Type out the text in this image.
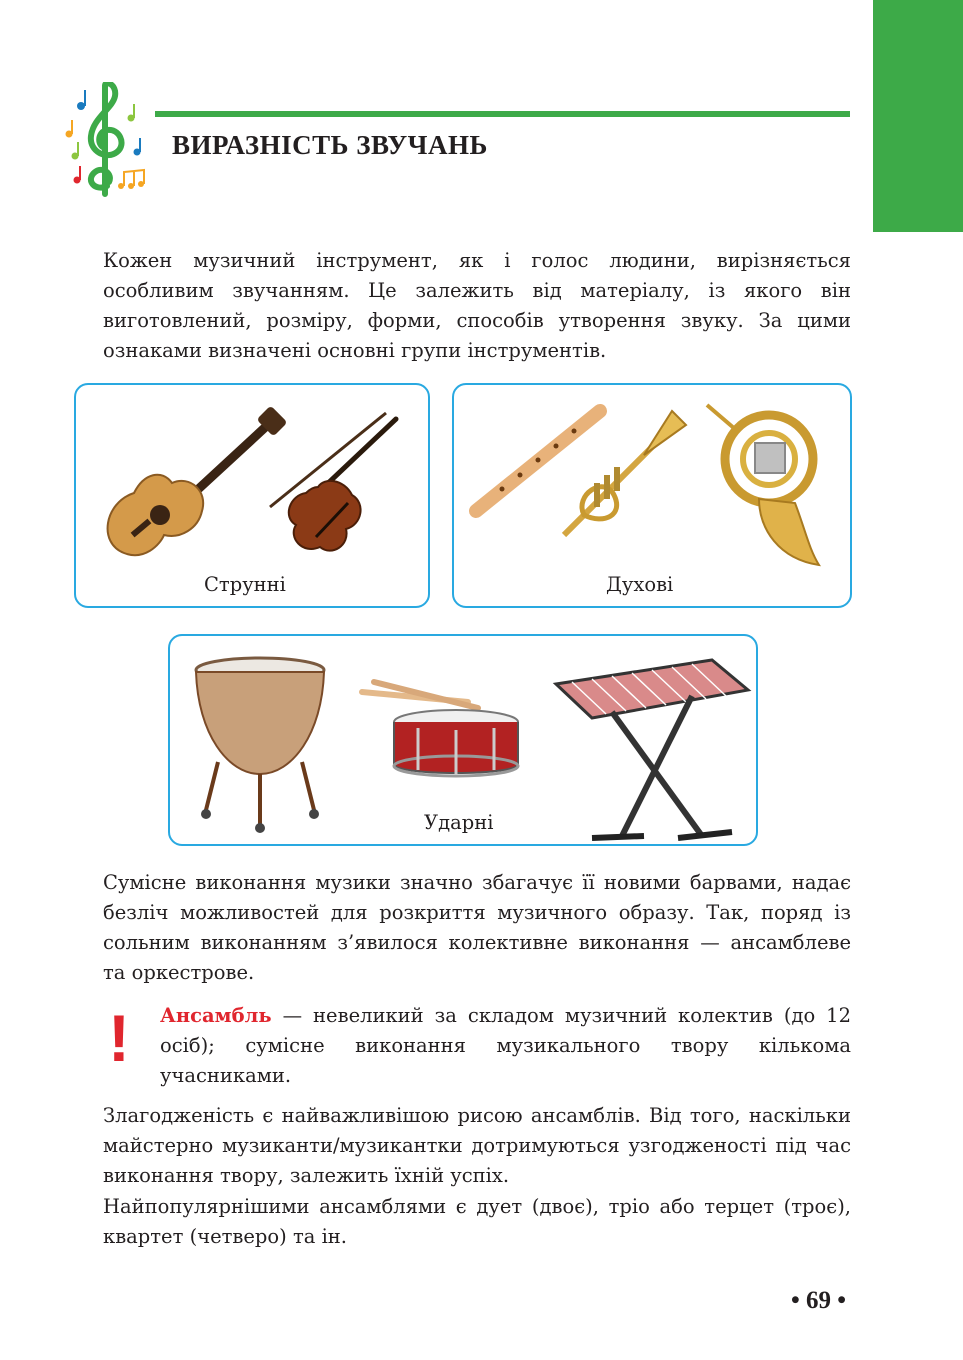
ВИРАЗНІСТЬ ЗВУЧАНЬ

Кожен музичний інструмент, як і голос людини, вирізняється особливим звучанням. Це залежить від матеріалу, із якого він виготовлений, розміру, форми, способів утворення звуку. За цими ознаками визначені основні групи інструментів.

Струнні	Духові
Ударні

Сумісне виконання музики значно збагачує її новими барвами, надає безліч можливостей для розкриття музичного образу. Так, поряд із сольним виконанням з’явилося колективне виконання — ансамблеве та оркестрове.

! Ансамбль — невеликий за складом музичний колектив (до 12 осіб); сумісне виконання музикального твору кількома учасниками.

Злагодженість є найважливішою рисою ансамблів. Від того, наскільки майстерно музиканти/музикантки дотримуються узгодженості під час виконання твору, залежить їхній успіх.

Найпопулярнішими ансамблями є дует (двоє), тріо або терцет (троє), квартет (четверо) та ін.

• 69 •
